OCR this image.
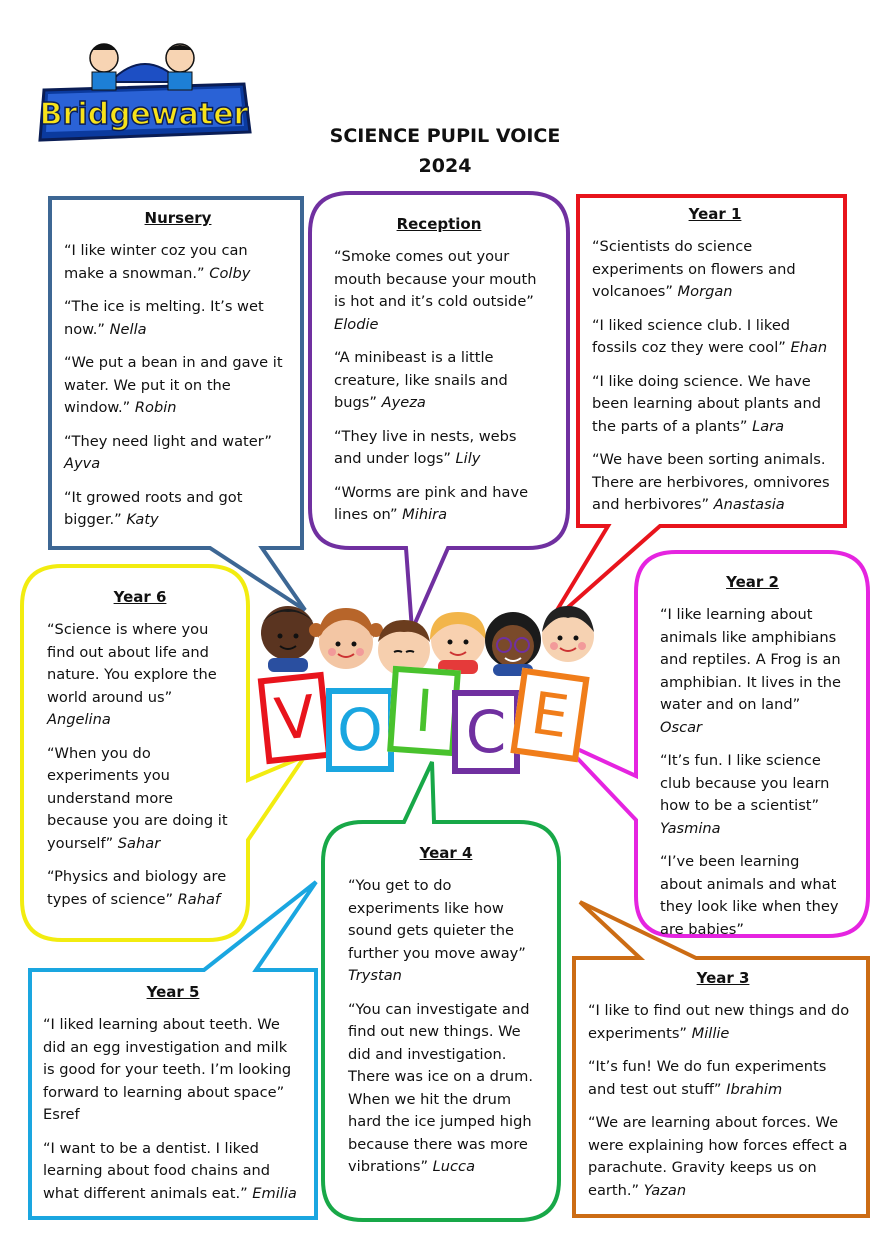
Bridgewater
SCIENCE PUPIL VOICE
2024
V O I C E
Nursery

“I like winter coz you can make a snowman.” Colby

“The ice is melting. It’s wet now.” Nella

“We put a bean in and gave it water. We put it on the window.” Robin

“They need light and water” Ayva

“It growed roots and got bigger.” Katy

Reception

“Smoke comes out your mouth because your mouth is hot and it’s cold outside” Elodie

“A minibeast is a little creature, like snails and bugs” Ayeza

“They live in nests, webs and under logs” Lily

“Worms are pink and have lines on” Mihira

Year 1

“Scientists do science experiments on flowers and volcanoes” Morgan

“I liked science club. I liked fossils coz they were cool” Ehan

“I like doing science. We have been learning about plants and the parts of a plants” Lara

“We have been sorting animals. There are herbivores, omnivores and herbivores” Anastasia

Year 2

“I like learning about animals like amphibians and reptiles. A Frog is an amphibian. It lives in the water and on land” Oscar

“It’s fun. I like science club because you learn how to be a scientist” Yasmina

“I’ve been learning about animals and what they look like when they are babies”

Year 6

“Science is where you find out about life and nature. You explore the world around us” Angelina

“When you do experiments you understand more because you are doing it yourself” Sahar

“Physics and biology are types of science” Rahaf

Year 4

“You get to do experiments like how sound gets quieter the further you move away” Trystan

“You can investigate and find out new things. We did and investigation. There was ice on a drum. When we hit the drum hard the ice jumped high because there was more vibrations” Lucca

Year 5

“I liked learning about teeth. We did an egg investigation and milk is good for your teeth. I’m looking forward to learning about space” Esref

“I want to be a dentist. I liked learning about food chains and what different animals eat.” Emilia

Year 3

“I like to find out new things and do experiments” Millie

“It’s fun! We do fun experiments and test out stuff” Ibrahim

“We are learning about forces. We were explaining how forces effect a parachute. Gravity keeps us on earth.” Yazan
